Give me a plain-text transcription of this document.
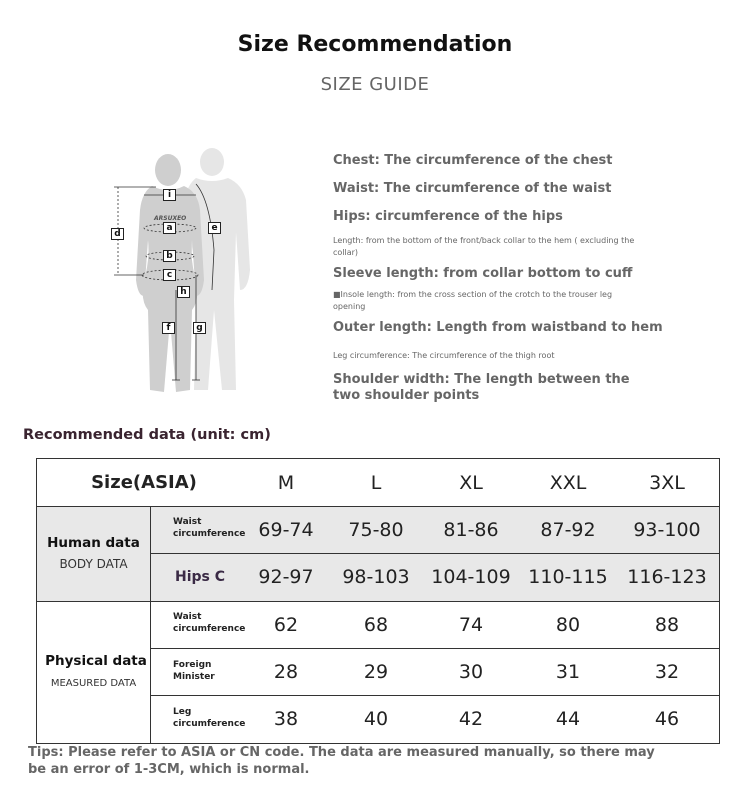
Size Recommendation
SIZE GUIDE
ARSUXEO
i
a
b
c
h
d
e
f	g
Chest: The circumference of the chest
Waist: The circumference of the waist
Hips: circumference of the hips
Length: from the bottom of the front/back collar to the hem ( excluding the collar)
Sleeve length: from collar bottom to cuff
■Insole length: from the cross section of the crotch to the trouser leg opening
Outer length: Length from waistband to hem
Leg circumference: The circumference of the thigh root
Shoulder width: The length between the two shoulder points
Recommended data (unit: cm)
Size(ASIA)	M	L	XL	XXL	3XL
Human data
BODY DATA
Waist circumference 69-74	75-80	81-86	87-92	93-100
Hips C	92-97	98-103	104-109 110-115	116-123
Physical data
MEASURED DATA
Waist circumference	62	68	74	80	88
Foreign Minister	28	29	30	31	32
Leg circumference	38	40	42	44	46
Tips: Please refer to ASIA or CN code. The data are measured manually, so there may be an error of 1-3CM, which is normal.
